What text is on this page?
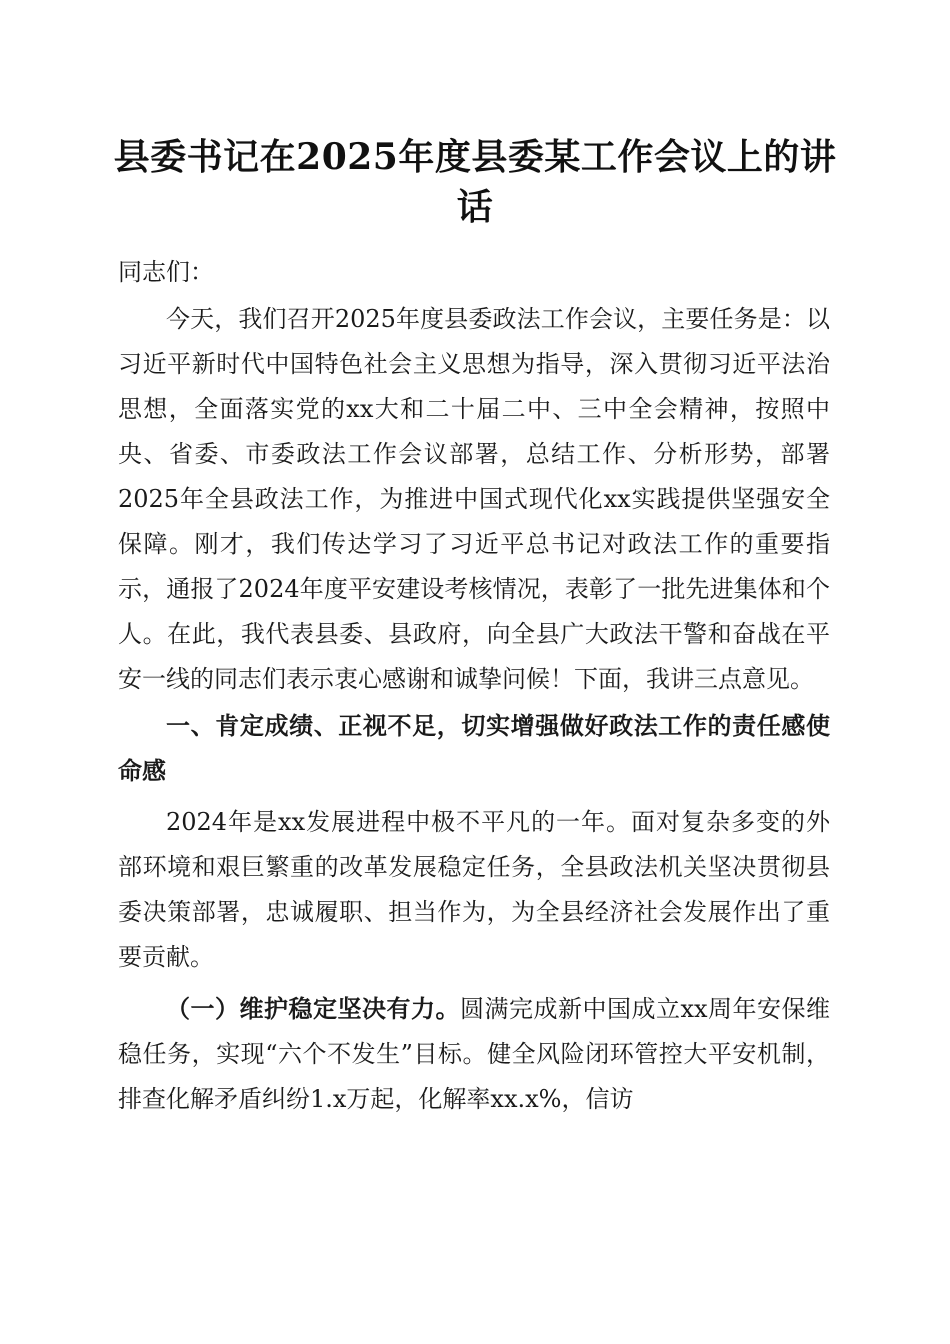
县委书记在2025年度县委某工作会议上的讲话

同志们：

今天，我们召开2025年度县委政法工作会议，主要任务是：以习近平新时代中国特色社会主义思想为指导，深入贯彻习近平法治思想，全面落实党的xx大和二十届二中、三中全会精神，按照中央、省委、市委政法工作会议部署，总结工作、分析形势，部署2025年全县政法工作，为推进中国式现代化xx实践提供坚强安全保障。刚才，我们传达学习了习近平总书记对政法工作的重要指示，通报了2024年度平安建设考核情况，表彰了一批先进集体和个人。在此，我代表县委、县政府，向全县广大政法干警和奋战在平安一线的同志们表示衷心感谢和诚挚问候！下面，我讲三点意见。

一、肯定成绩、正视不足，切实增强做好政法工作的责任感使命感

2024年是xx发展进程中极不平凡的一年。面对复杂多变的外部环境和艰巨繁重的改革发展稳定任务，全县政法机关坚决贯彻县委决策部署，忠诚履职、担当作为，为全县经济社会发展作出了重要贡献。

（一）维护稳定坚决有力。圆满完成新中国成立xx周年安保维稳任务，实现“六个不发生”目标。健全风险闭环管控大平安机制，排查化解矛盾纠纷1.x万起，化解率xx.x%，信访
